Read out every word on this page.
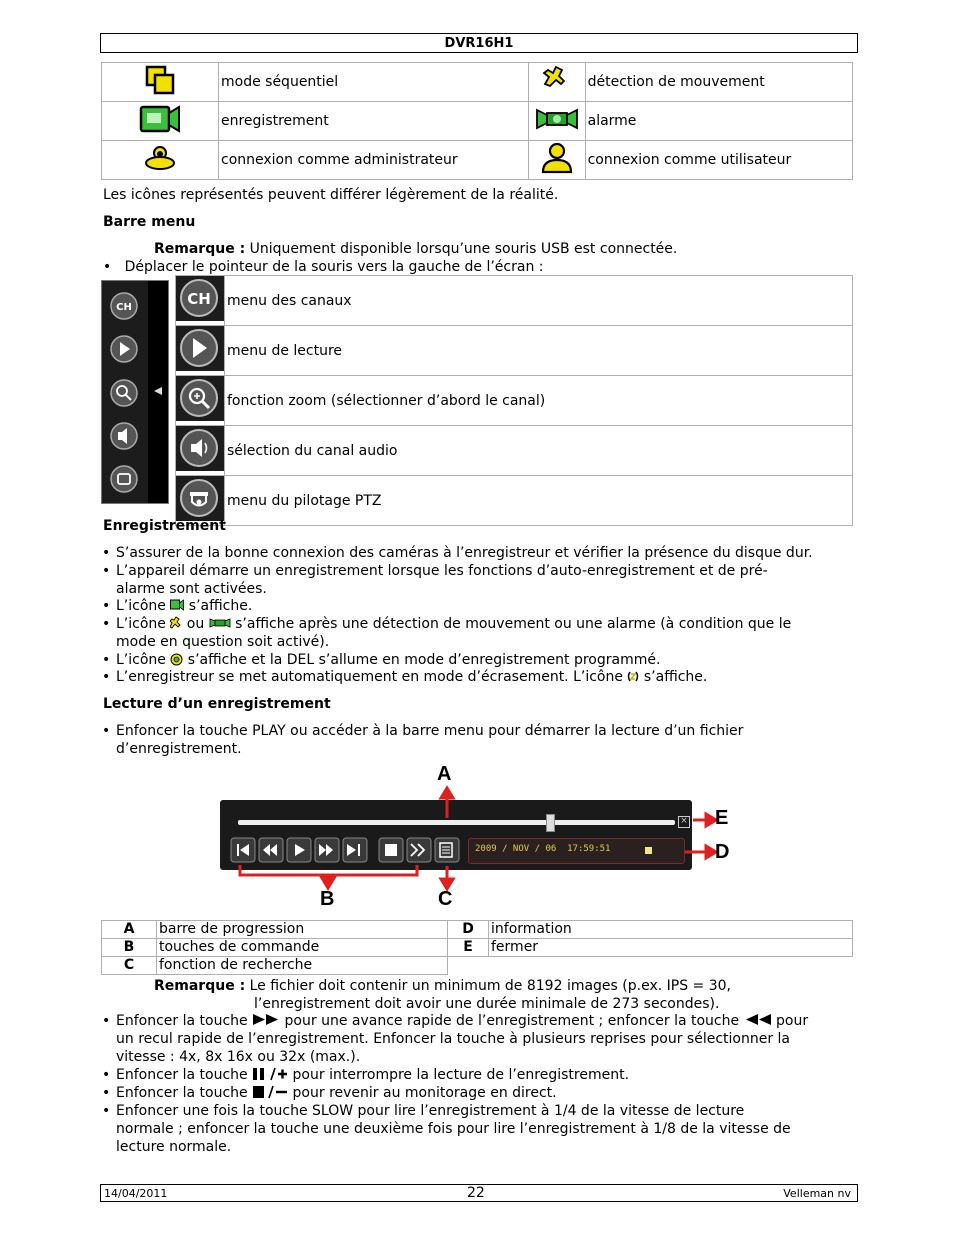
DVR16H1
	mode séquentiel		détection de mouvement
	enregistrement		alarme
	connexion comme administrateur		connexion comme utilisateur
Les icônes représentés peuvent différer légèrement de la réalité.
Barre menu
Remarque : Uniquement disponible lorsqu’une souris USB est connectée.
•   Déplacer le pointeur de la souris vers la gauche de l’écran :
CH	CH	menu des canaux
	menu de lecture
	fonction zoom (sélectionner d’abord le canal)
	sélection du canal audio
	menu du pilotage PTZ
Enregistrement
• S’assurer de la bonne connexion des caméras à l’enregistreur et vérifier la présence du disque dur.
• L’appareil démarre un enregistrement lorsque les fonctions d’auto-enregistrement et de pré-
alarme sont activées.
• L’icône  s’affiche.
• L’icône  ou  s’affiche après une détection de mouvement ou une alarme (à condition que le
mode en question soit activé).
• L’icône  s’affiche et la DEL s’allume en mode d’enregistrement programmé.
• L’enregistreur se met automatiquement en mode d’écrasement. L’icône  s’affiche.
Lecture d’un enregistrement
• Enfoncer la touche PLAY ou accéder à la barre menu pour démarrer la lecture d’un fichier
d’enregistrement.
×
2009 / NOV / 06  17:59:51
A
E
D
B	C
A	barre de progression	D	information
B	touches de commande	E	fermer
C	fonction de recherche		
Remarque : Le fichier doit contenir un minimum de 8192 images (p.ex. IPS = 30,
l’enregistrement doit avoir une durée minimale de 273 secondes).
• Enfoncer la touche  pour une avance rapide de l’enregistrement ; enfoncer la touche  pour
un recul rapide de l’enregistrement. Enfoncer la touche à plusieurs reprises pour sélectionner la
vitesse : 4x, 8x 16x ou 32x (max.).
• Enfoncer la touche	pour interrompre la lecture de l’enregistrement.
• Enfoncer la touche	pour revenir au monitorage en direct.
• Enfoncer une fois la touche SLOW pour lire l’enregistrement à 1/4 de la vitesse de lecture
normale ; enfoncer la touche une deuxième fois pour lire l’enregistrement à 1/8 de la vitesse de
lecture normale.
14/04/2011	22	Velleman nv
